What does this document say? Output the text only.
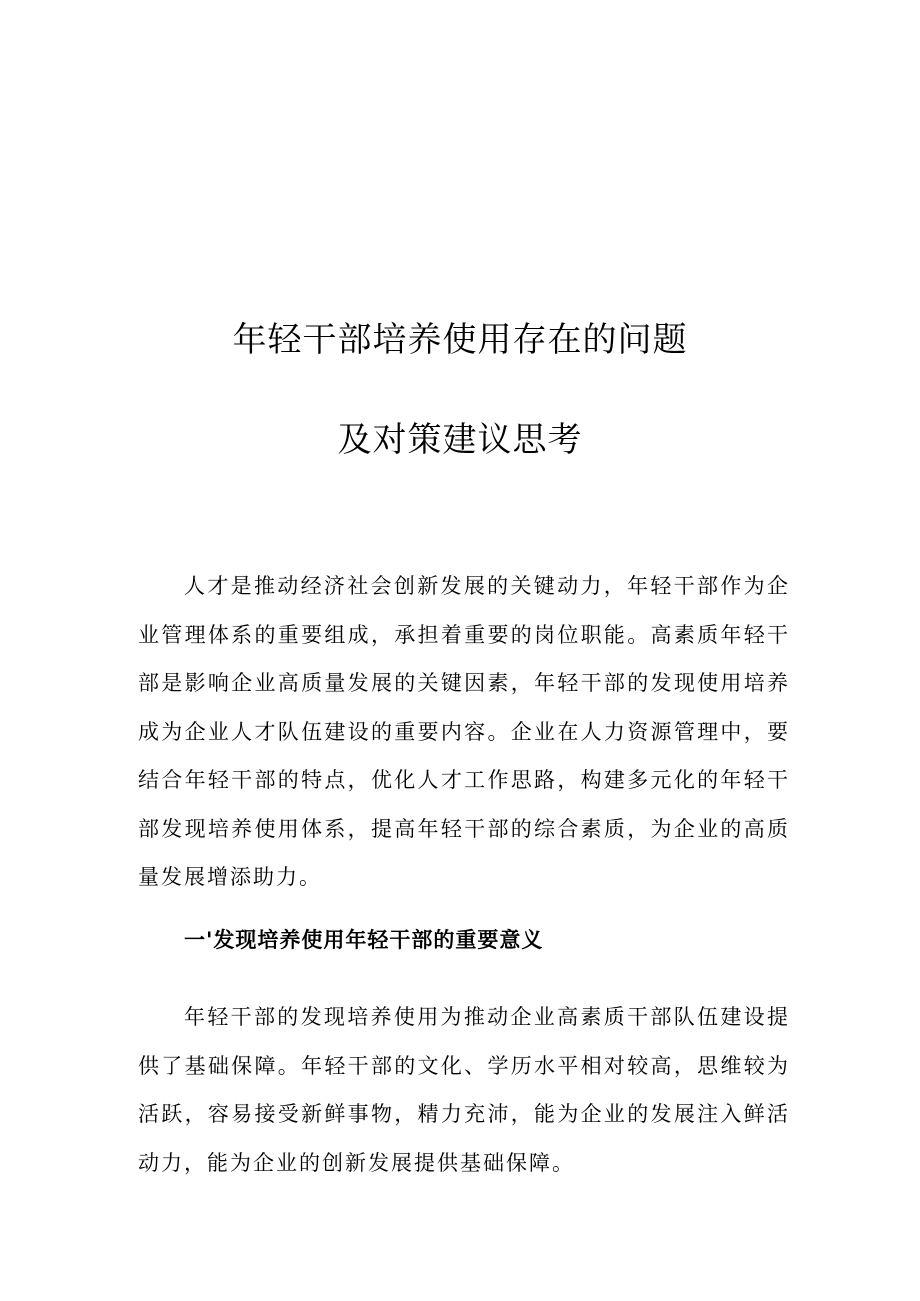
年轻干部培养使用存在的问题
及对策建议思考

人才是推动经济社会创新发展的关键动力，年轻干部作为企业管理体系的重要组成，承担着重要的岗位职能。高素质年轻干部是影响企业高质量发展的关键因素，年轻干部的发现使用培养成为企业人才队伍建设的重要内容。企业在人力资源管理中，要结合年轻干部的特点，优化人才工作思路，构建多元化的年轻干部发现培养使用体系，提高年轻干部的综合素质，为企业的高质量发展增添助力。

一'发现培养使用年轻干部的重要意义

年轻干部的发现培养使用为推动企业高素质干部队伍建设提供了基础保障。年轻干部的文化、学历水平相对较高，思维较为活跃，容易接受新鲜事物，精力充沛，能为企业的发展注入鲜活动力，能为企业的创新发展提供基础保障。
